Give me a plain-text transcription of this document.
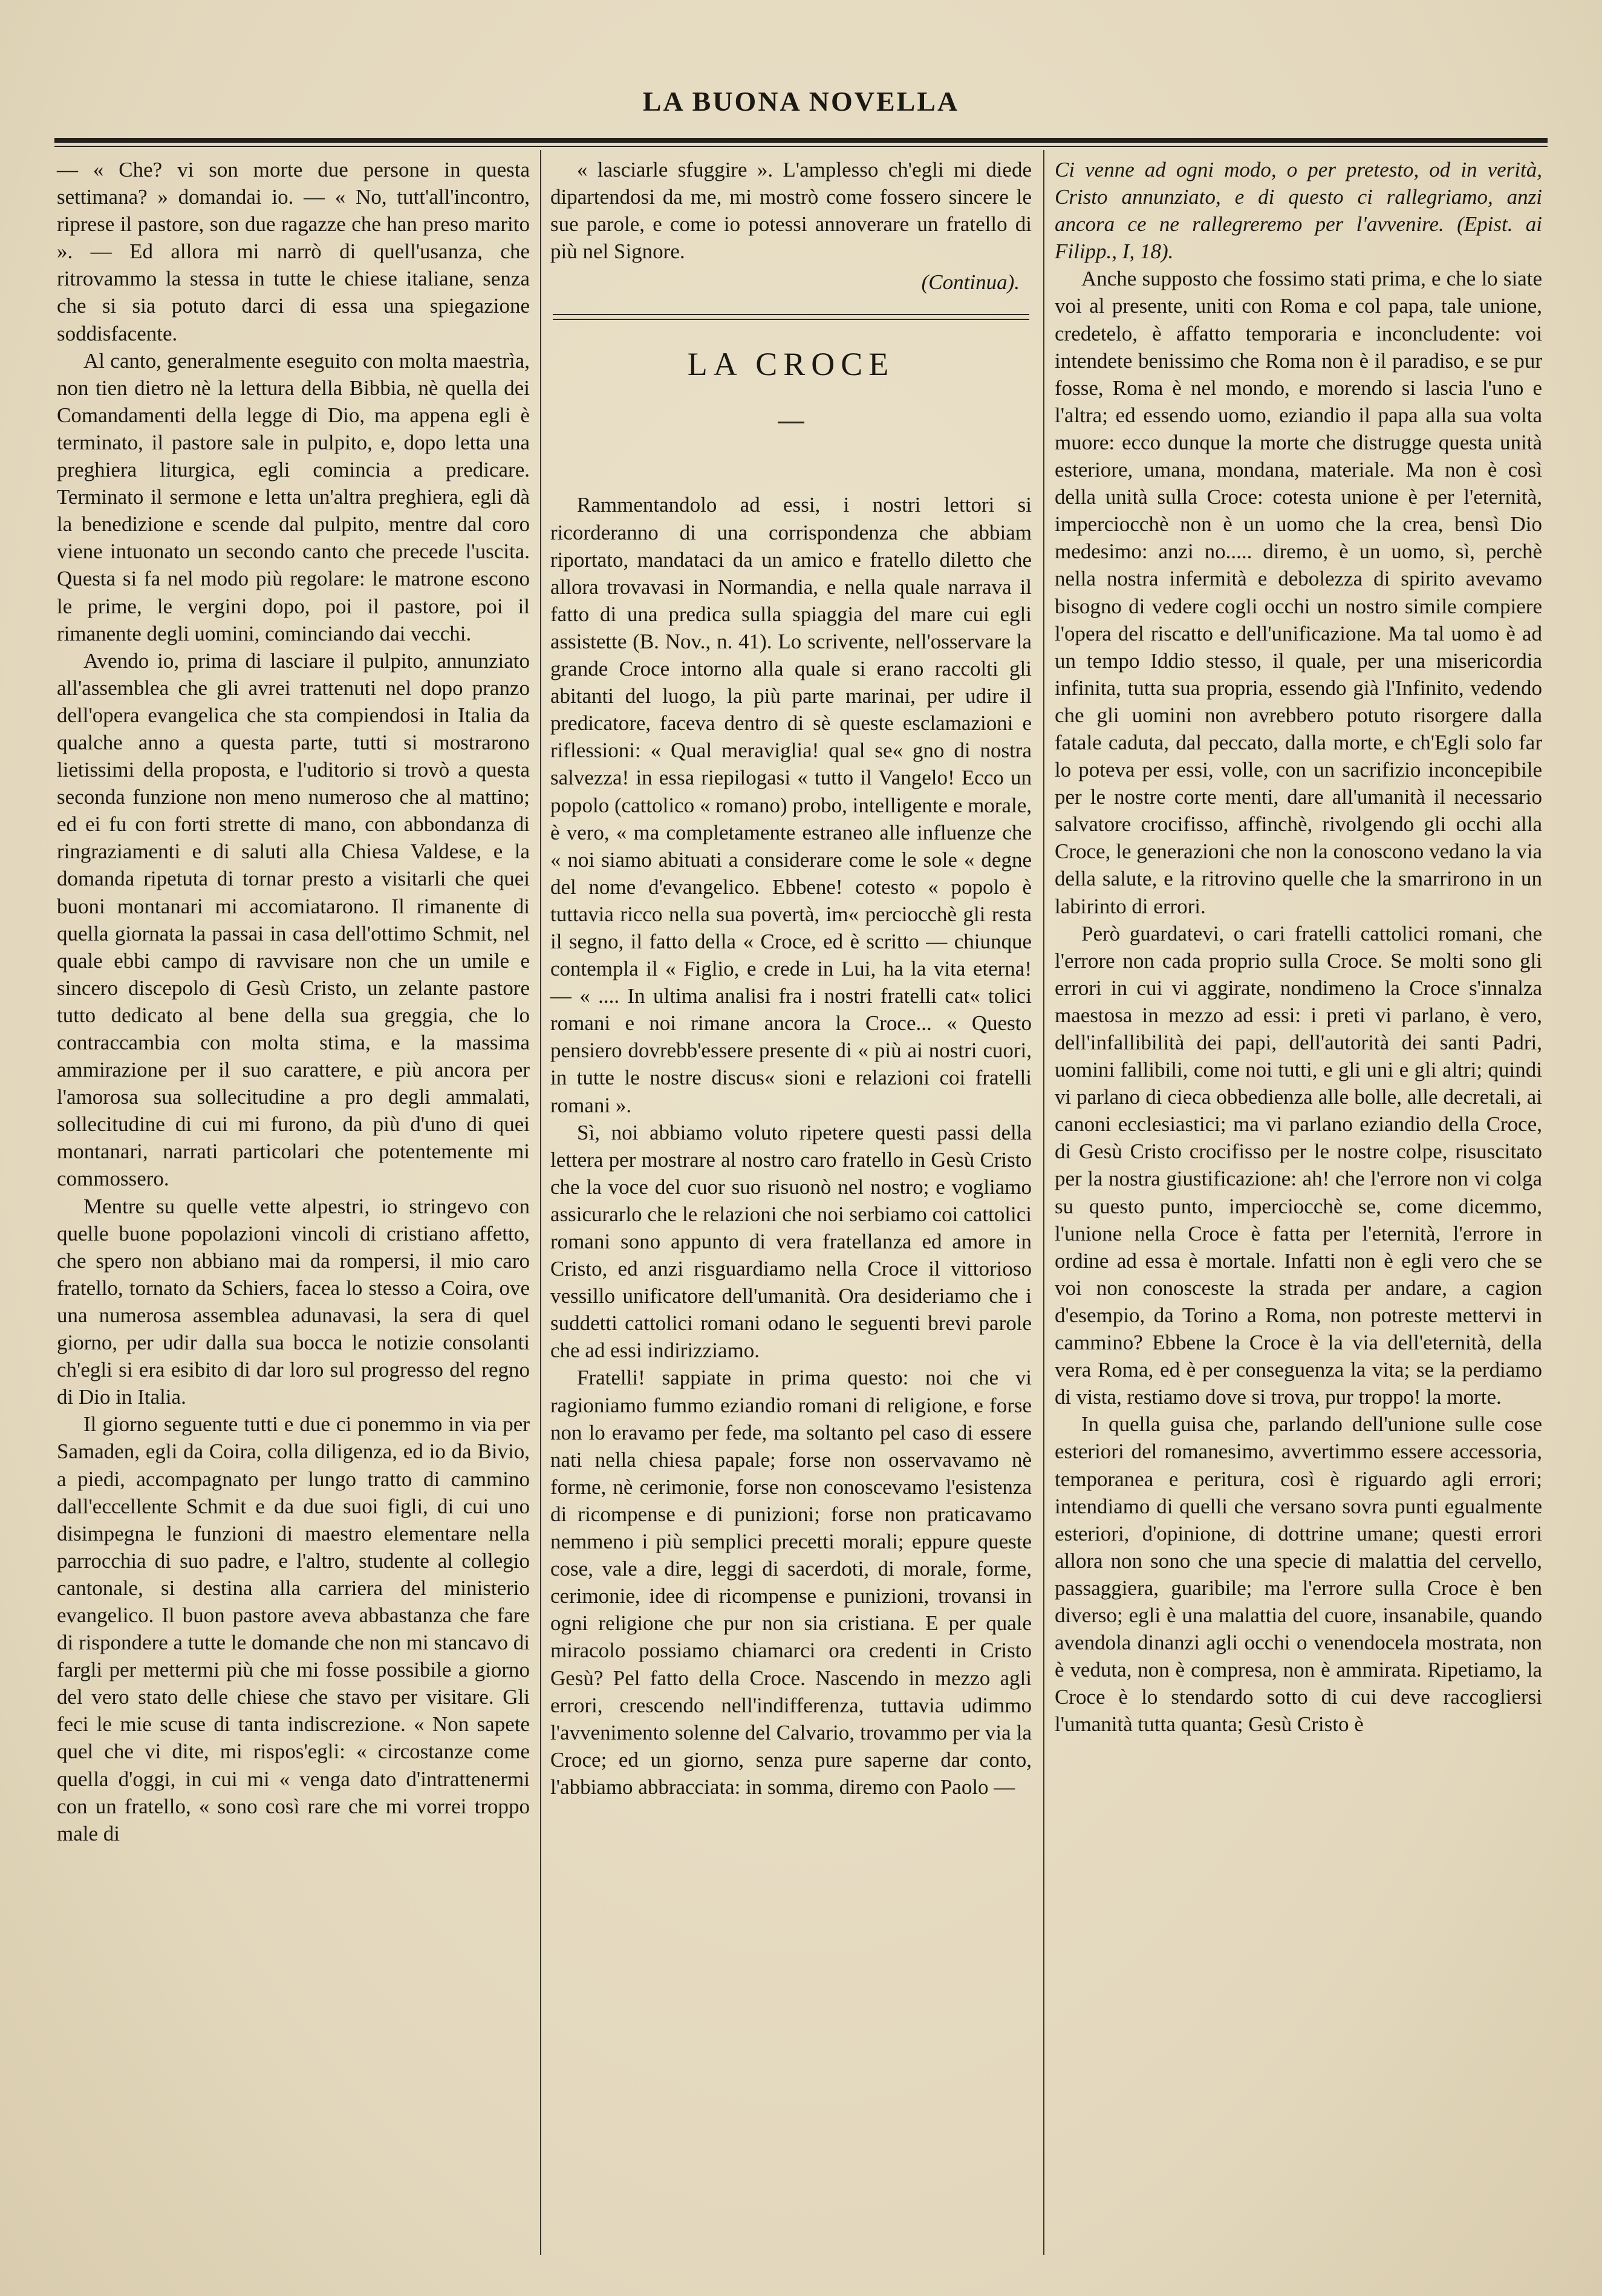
LA BUONA NOVELLA

— « Che? vi son morte due persone in questa settimana? » domandai io. — « No, tutt'all'incontro, riprese il pastore, son due ragazze che han preso marito ». — Ed allora mi narrò di quell'usanza, che ritrovammo la stessa in tutte le chiese italiane, senza che si sia potuto darci di essa una spiegazione soddisfacente.

Al canto, generalmente eseguito con molta maestrìa, non tien dietro nè la lettura della Bibbia, nè quella dei Comandamenti della legge di Dio, ma appena egli è terminato, il pastore sale in pulpito, e, dopo letta una preghiera liturgica, egli comincia a predicare. Terminato il sermone e letta un'altra preghiera, egli dà la benedizione e scende dal pulpito, mentre dal coro viene intuonato un secondo canto che precede l'uscita. Questa si fa nel modo più regolare: le matrone escono le prime, le vergini dopo, poi il pastore, poi il rimanente degli uomini, cominciando dai vecchi.

Avendo io, prima di lasciare il pulpito, annunziato all'assemblea che gli avrei trattenuti nel dopo pranzo dell'opera evangelica che sta compiendosi in Italia da qualche anno a questa parte, tutti si mostrarono lietissimi della proposta, e l'uditorio si trovò a questa seconda funzione non meno numeroso che al mattino; ed ei fu con forti strette di mano, con abbondanza di ringraziamenti e di saluti alla Chiesa Valdese, e la domanda ripetuta di tornar presto a visitarli che quei buoni montanari mi accomiatarono. Il rimanente di quella giornata la passai in casa dell'ottimo Schmit, nel quale ebbi campo di ravvisare non che un umile e sincero discepolo di Gesù Cristo, un zelante pastore tutto dedicato al bene della sua greggia, che lo contraccambia con molta stima, e la massima ammirazione per il suo carattere, e più ancora per l'amorosa sua sollecitudine a pro degli ammalati, sollecitudine di cui mi furono, da più d'uno di quei montanari, narrati particolari che potentemente mi commossero.

Mentre su quelle vette alpestri, io stringevo con quelle buone popolazioni vincoli di cristiano affetto, che spero non abbiano mai da rompersi, il mio caro fratello, tornato da Schiers, facea lo stesso a Coira, ove una numerosa assemblea adunavasi, la sera di quel giorno, per udir dalla sua bocca le notizie consolanti ch'egli si era esibito di dar loro sul progresso del regno di Dio in Italia.

Il giorno seguente tutti e due ci ponemmo in via per Samaden, egli da Coira, colla diligenza, ed io da Bivio, a piedi, accompagnato per lungo tratto di cammino dall'eccellente Schmit e da due suoi figli, di cui uno disimpegna le funzioni di maestro elementare nella parrocchia di suo padre, e l'altro, studente al collegio cantonale, si destina alla carriera del ministerio evangelico. Il buon pastore aveva abbastanza che fare di rispondere a tutte le domande che non mi stancavo di fargli per mettermi più che mi fosse possibile a giorno del vero stato delle chiese che stavo per visitare. Gli feci le mie scuse di tanta indiscrezione. « Non sapete quel che vi dite, mi rispos'egli: « circostanze come quella d'oggi, in cui mi « venga dato d'intrattenermi con un fratello, « sono così rare che mi vorrei troppo male di

« lasciarle sfuggire ». L'amplesso ch'egli mi diede dipartendosi da me, mi mostrò come fossero sincere le sue parole, e come io potessi annoverare un fratello di più nel Signore.

(Continua).

LA CROCE

Rammentandolo ad essi, i nostri lettori si ricorderanno di una corrispondenza che abbiam riportato, mandataci da un amico e fratello diletto che allora trovavasi in Normandia, e nella quale narrava il fatto di una predica sulla spiaggia del mare cui egli assistette (B. Nov., n. 41). Lo scrivente, nell'osservare la grande Croce intorno alla quale si erano raccolti gli abitanti del luogo, la più parte marinai, per udire il predicatore, faceva dentro di sè queste esclamazioni e riflessioni: « Qual meraviglia! qual se« gno di nostra salvezza! in essa riepilogasi « tutto il Vangelo! Ecco un popolo (cattolico « romano) probo, intelligente e morale, è vero, « ma completamente estraneo alle influenze che « noi siamo abituati a considerare come le sole « degne del nome d'evangelico. Ebbene! cotesto « popolo è tuttavia ricco nella sua povertà, im« perciocchè gli resta il segno, il fatto della « Croce, ed è scritto — chiunque contempla il « Figlio, e crede in Lui, ha la vita eterna! — « .... In ultima analisi fra i nostri fratelli cat« tolici romani e noi rimane ancora la Croce... « Questo pensiero dovrebb'essere presente di « più ai nostri cuori, in tutte le nostre discus« sioni e relazioni coi fratelli romani ».

Sì, noi abbiamo voluto ripetere questi passi della lettera per mostrare al nostro caro fratello in Gesù Cristo che la voce del cuor suo risuonò nel nostro; e vogliamo assicurarlo che le relazioni che noi serbiamo coi cattolici romani sono appunto di vera fratellanza ed amore in Cristo, ed anzi risguardiamo nella Croce il vittorioso vessillo unificatore dell'umanità. Ora desideriamo che i suddetti cattolici romani odano le seguenti brevi parole che ad essi indirizziamo.

Fratelli! sappiate in prima questo: noi che vi ragioniamo fummo eziandio romani di religione, e forse non lo eravamo per fede, ma soltanto pel caso di essere nati nella chiesa papale; forse non osservavamo nè forme, nè cerimonie, forse non conoscevamo l'esistenza di ricompense e di punizioni; forse non praticavamo nemmeno i più semplici precetti morali; eppure queste cose, vale a dire, leggi di sacerdoti, di morale, forme, cerimonie, idee di ricompense e punizioni, trovansi in ogni religione che pur non sia cristiana. E per quale miracolo possiamo chiamarci ora credenti in Cristo Gesù? Pel fatto della Croce. Nascendo in mezzo agli errori, crescendo nell'indifferenza, tuttavia udimmo l'avvenimento solenne del Calvario, trovammo per via la Croce; ed un giorno, senza pure saperne dar conto, l'abbiamo abbracciata: in somma, diremo con Paolo —

Ci venne ad ogni modo, o per pretesto, od in verità, Cristo annunziato, e di questo ci rallegriamo, anzi ancora ce ne rallegreremo per l'avvenire. (Epist. ai Filipp., I, 18).

Anche supposto che fossimo stati prima, e che lo siate voi al presente, uniti con Roma e col papa, tale unione, credetelo, è affatto temporaria e inconcludente: voi intendete benissimo che Roma non è il paradiso, e se pur fosse, Roma è nel mondo, e morendo si lascia l'uno e l'altra; ed essendo uomo, eziandio il papa alla sua volta muore: ecco dunque la morte che distrugge questa unità esteriore, umana, mondana, materiale. Ma non è così della unità sulla Croce: cotesta unione è per l'eternità, imperciocchè non è un uomo che la crea, bensì Dio medesimo: anzi no..... diremo, è un uomo, sì, perchè nella nostra infermità e debolezza di spirito avevamo bisogno di vedere cogli occhi un nostro simile compiere l'opera del riscatto e dell'unificazione. Ma tal uomo è ad un tempo Iddio stesso, il quale, per una misericordia infinita, tutta sua propria, essendo già l'Infinito, vedendo che gli uomini non avrebbero potuto risorgere dalla fatale caduta, dal peccato, dalla morte, e ch'Egli solo far lo poteva per essi, volle, con un sacrifizio inconcepibile per le nostre corte menti, dare all'umanità il necessario salvatore crocifisso, affinchè, rivolgendo gli occhi alla Croce, le generazioni che non la conoscono vedano la via della salute, e la ritrovino quelle che la smarrirono in un labirinto di errori.

Però guardatevi, o cari fratelli cattolici romani, che l'errore non cada proprio sulla Croce. Se molti sono gli errori in cui vi aggirate, nondimeno la Croce s'innalza maestosa in mezzo ad essi: i preti vi parlano, è vero, dell'infallibilità dei papi, dell'autorità dei santi Padri, uomini fallibili, come noi tutti, e gli uni e gli altri; quindi vi parlano di cieca obbedienza alle bolle, alle decretali, ai canoni ecclesiastici; ma vi parlano eziandio della Croce, di Gesù Cristo crocifisso per le nostre colpe, risuscitato per la nostra giustificazione: ah! che l'errore non vi colga su questo punto, imperciocchè se, come dicemmo, l'unione nella Croce è fatta per l'eternità, l'errore in ordine ad essa è mortale. Infatti non è egli vero che se voi non conosceste la strada per andare, a cagion d'esempio, da Torino a Roma, non potreste mettervi in cammino? Ebbene la Croce è la via dell'eternità, della vera Roma, ed è per conseguenza la vita; se la perdiamo di vista, restiamo dove si trova, pur troppo! la morte.

In quella guisa che, parlando dell'unione sulle cose esteriori del romanesimo, avvertimmo essere accessoria, temporanea e peritura, così è riguardo agli errori; intendiamo di quelli che versano sovra punti egualmente esteriori, d'opinione, di dottrine umane; questi errori allora non sono che una specie di malattia del cervello, passaggiera, guaribile; ma l'errore sulla Croce è ben diverso; egli è una malattia del cuore, insanabile, quando avendola dinanzi agli occhi o venendocela mostrata, non è veduta, non è compresa, non è ammirata. Ripetiamo, la Croce è lo stendardo sotto di cui deve raccogliersi l'umanità tutta quanta; Gesù Cristo è
